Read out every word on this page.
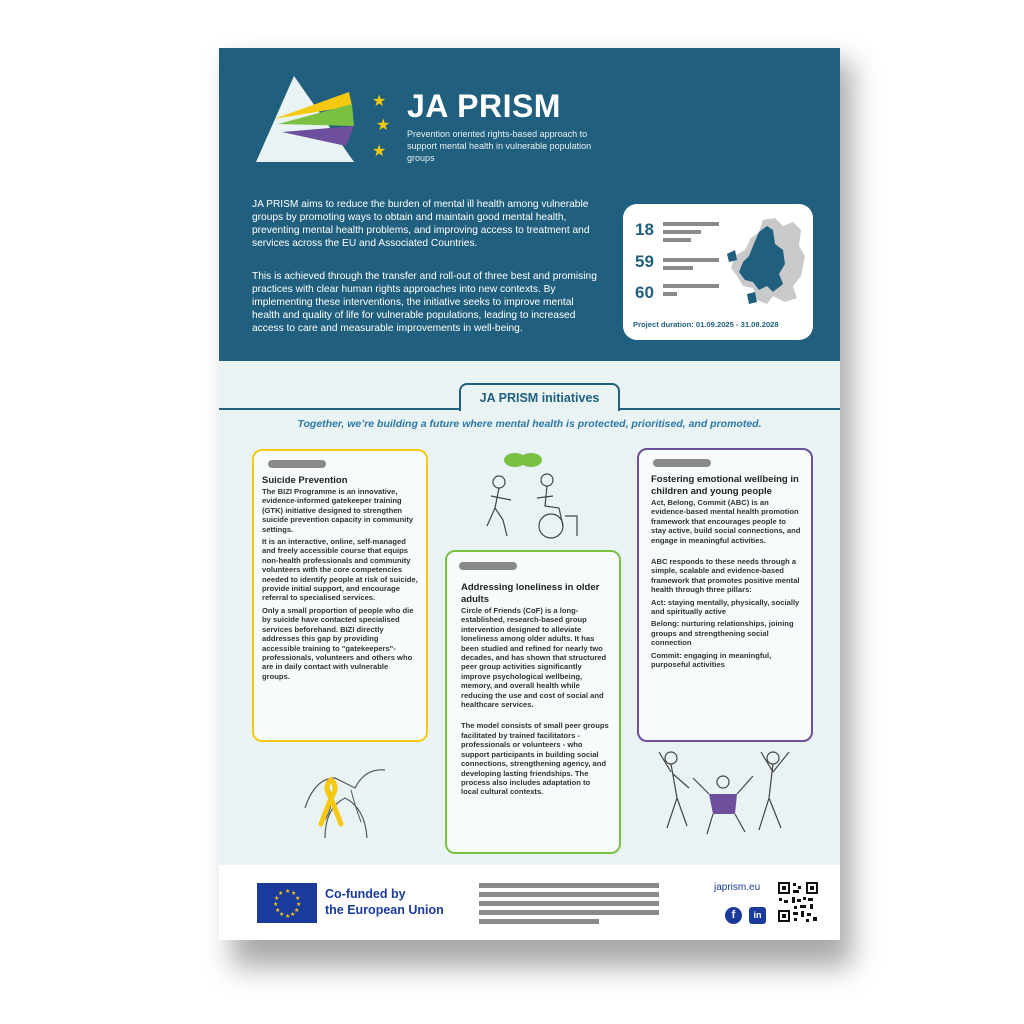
★
★
★
JA PRISM
Prevention oriented rights-based approach to support mental health in vulnerable population groups

JA PRISM aims to reduce the burden of mental ill health among vulnerable groups by promoting ways to obtain and maintain good mental health, preventing mental health problems, and improving access to treatment and services across the EU and Associated Countries.

This is achieved through the transfer and roll-out of three best and promising practices with clear human rights approaches into new contexts. By implementing these interventions, the initiative seeks to improve mental health and quality of life for vulnerable populations, leading to increased access to care and measurable improvements in well-being.

18
59
60
Project duration: 01.09.2025 - 31.08.2028
JA PRISM initiatives
Together, we’re building a future where mental health is protected, prioritised, and promoted.
Suicide Prevention

The BIZI Programme is an innovative, evidence-informed gatekeeper training (GTK) initiative designed to strengthen suicide prevention capacity in community settings.

It is an interactive, online, self-managed and freely accessible course that equips non-health professionals and community volunteers with the core competencies needed to identify people at risk of suicide, provide initial support, and encourage referral to specialised services.

Only a small proportion of people who die by suicide have contacted specialised services beforehand. BIZI directly addresses this gap by providing accessible training to "gatekeepers"- professionals, volunteers and others who are in daily contact with vulnerable groups.

Addressing loneliness in older adults

Circle of Friends (CoF) is a long-established, research-based group intervention designed to alleviate loneliness among older adults. It has been studied and refined for nearly two decades, and has shown that structured peer group activities significantly improve psychological wellbeing, memory, and overall health while reducing the use and cost of social and healthcare services.

The model consists of small peer groups facilitated by trained facilitators - professionals or volunteers - who support participants in building social connections, strengthening agency, and developing lasting friendships. The process also includes adaptation to local cultural contexts.

Fostering emotional wellbeing in children and young people

Act, Belong, Commit (ABC) is an evidence-based mental health promotion framework that encourages people to stay active, build social connections, and engage in meaningful activities.

ABC responds to these needs through a simple, scalable and evidence-based framework that promotes positive mental health through three pillars:

Act: staying mentally, physically, socially and spiritually active

Belong: nurturing relationships, joining groups and strengthening social connection

Commit: engaging in meaningful, purposeful activities

★ ★
★
★
★
★
★
★
★
★
★
★	Co-funded by
the European Union
japrism.eu
f	in
